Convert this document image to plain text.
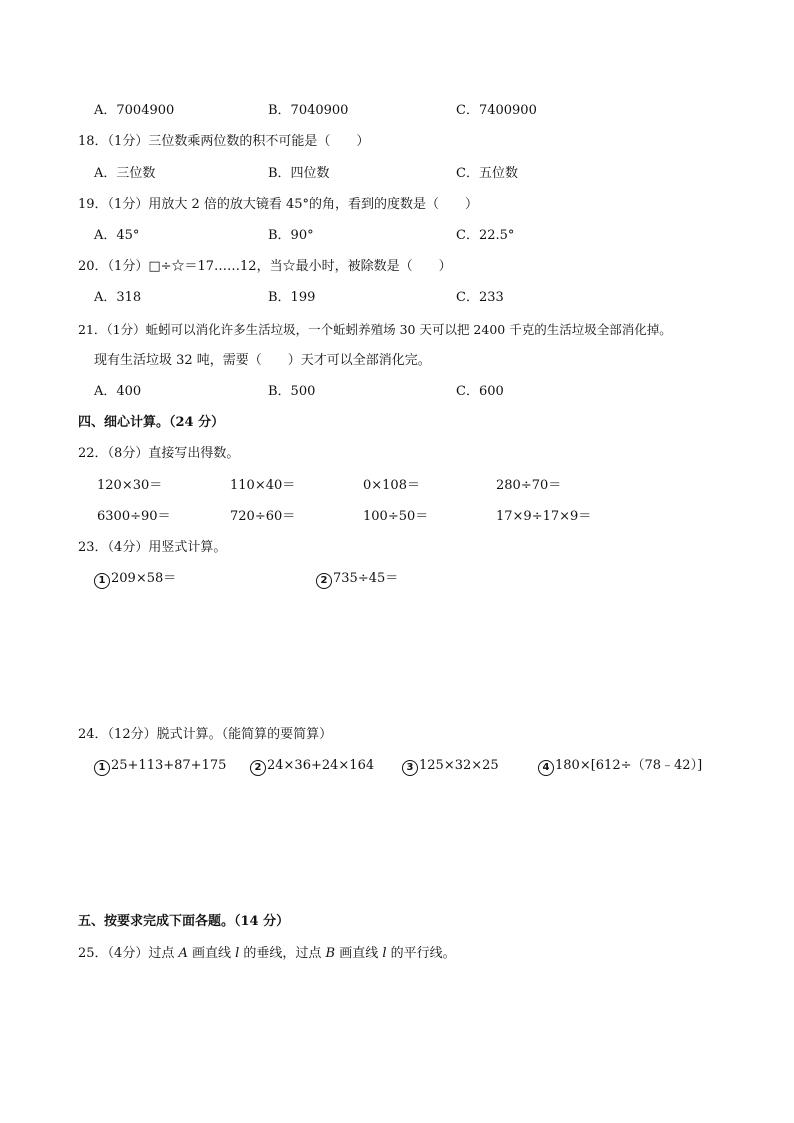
A．7004900	B．7040900	C．7400900
18．（1分）三位数乘两位数的积不可能是（　　）
A．三位数	B．四位数	C．五位数
19．（1分）用放大 2 倍的放大镜看 45°的角，看到的度数是（　　）
A．45°	B．90°	C．22.5°
20．（1分）□÷☆＝17……12，当☆最小时，被除数是（　　）
A．318	B．199	C．233
21．（1分）蚯蚓可以消化许多生活垃圾，一个蚯蚓养殖场 30 天可以把 2400 千克的生活垃圾全部消化掉。
现有生活垃圾 32 吨，需要（　　）天才可以全部消化完。
A．400	B．500	C．600
四、细心计算。（24 分）
22．（8分）直接写出得数。
120×30＝	110×40＝	0×108＝	280÷70＝
6300÷90＝	720÷60＝	100÷50＝	17×9÷17×9＝
23．（4分）用竖式计算。
1 209×58＝	2 735÷45＝
24．（12分）脱式计算。（能简算的要简算）
1 25+113+87+175	2 24×36+24×164	3 125×32×25	4 180×[612÷（78﹣42）]
五、按要求完成下面各题。（14 分）
25．（4分）过点 A 画直线 l 的垂线，过点 B 画直线 l 的平行线。
